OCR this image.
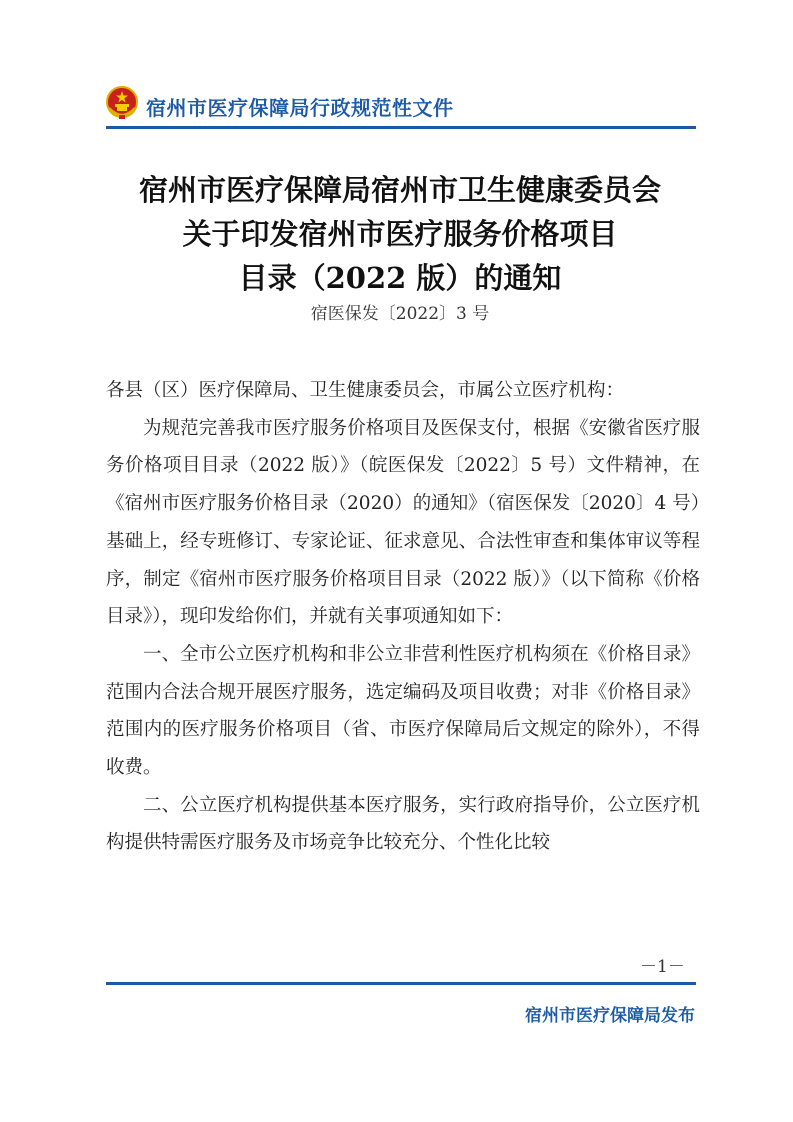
宿州市医疗保障局行政规范性文件
宿州市医疗保障局宿州市卫生健康委员会
关于印发宿州市医疗服务价格项目
目录（2022 版）的通知
宿医保发〔2022〕3 号

各县（区）医疗保障局、卫生健康委员会，市属公立医疗机构：

为规范完善我市医疗服务价格项目及医保支付，根据《安徽省医疗服务价格项目目录（2022 版）》（皖医保发〔2022〕5 号）文件精神，在《宿州市医疗服务价格目录（2020）的通知》（宿医保发〔2020〕4 号）基础上，经专班修订、专家论证、征求意见、合法性审查和集体审议等程序，制定《宿州市医疗服务价格项目目录（2022 版）》（以下简称《价格目录》），现印发给你们，并就有关事项通知如下：

一、全市公立医疗机构和非公立非营利性医疗机构须在《价格目录》范围内合法合规开展医疗服务，选定编码及项目收费；对非《价格目录》范围内的医疗服务价格项目（省、市医疗保障局后文规定的除外），不得收费。

二、公立医疗机构提供基本医疗服务，实行政府指导价，公立医疗机构提供特需医疗服务及市场竞争比较充分、个性化比较

－1－
宿州市医疗保障局发布
